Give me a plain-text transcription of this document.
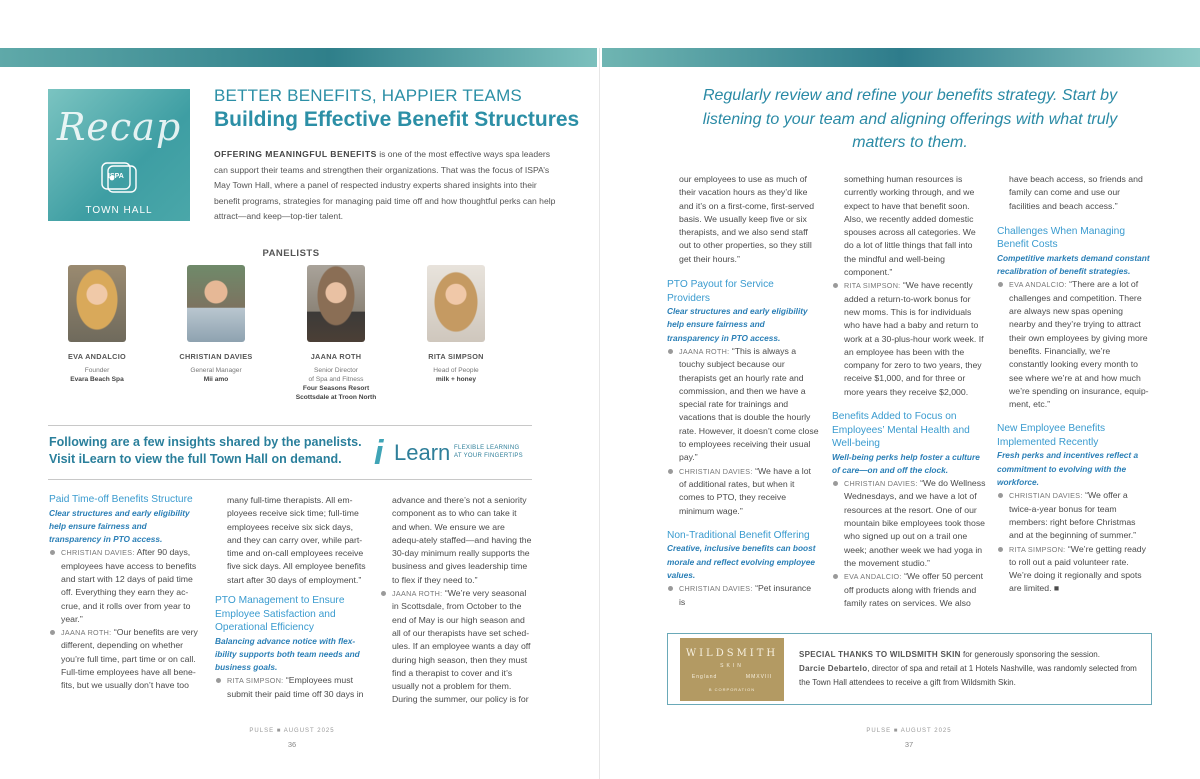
Recap
ISPA
TOWN HALL
BETTER BENEFITS, HAPPIER TEAMS
Building Effective Benefit Structures
OFFERING MEANINGFUL BENEFITS is one of the most effective ways spa leaders can support their teams and strengthen their organizations. That was the focus of ISPA’s May Town Hall, where a panel of respected industry experts shared insights into their benefit programs, strategies for managing paid time off and how thoughtful perks can help attract—and keep—top-tier talent.
PANELISTS
EVA ANDALCIO
Founder
Evara Beach Spa
CHRISTIAN DAVIES
General Manager
Mii amo
JAANA ROTH
Senior Director
of Spa and Fitness
Four Seasons Resort
Scottsdale at Troon North
RITA SIMPSON
Head of People
milk + honey
Following are a few insights shared by the panelists.
Visit iLearn to view the full Town Hall on demand. i Learn FLEXIBLE LEARNING
AT YOUR FINGERTIPS
Paid Time-off Benefits Structure
Clear structures and early eligibility help ensure fairness and transparency in PTO access.

CHRISTIAN DAVIES: After 90 days, employees have access to benefits and start with 12 days of paid time off. Everything they earn they ac-crue, and it rolls over from year to year.”

JAANA ROTH: “Our benefits are very different, depending on whether you’re full time, part time or on call. Full-time employees have all bene-fits, but we usually don’t have too

many full-time therapists. All em-ployees receive sick time; full-time employees receive six sick days, and they can carry over, while part-time and on-call employees receive five sick days. All employee benefits start after 30 days of employment.”

PTO Management to Ensure Employee Satisfaction and Operational Efficiency
Balancing advance notice with flex-ibility supports both team needs and business goals.

RITA SIMPSON: “Employees must submit their paid time off 30 days in

advance and there’s not a seniority component as to who can take it and when. We ensure we are adequ-ately staffed—and having the 30-day minimum really supports the business and gives leadership time to flex if they need to.”

JAANA ROTH: “We’re very seasonal in Scottsdale, from October to the end of May is our high season and all of our therapists have set sched-ules. If an employee wants a day off during high season, then they must find a therapist to cover and it’s usually not a problem for them. During the summer, our policy is for

Regularly review and refine your benefits strategy. Start by listening to your team and aligning offerings with what truly matters to them.

our employees to use as much of their vacation hours as they’d like and it’s on a first-come, first-served basis. We usually keep five or six therapists, and we also send staff out to other properties, so they still get their hours.”

PTO Payout for Service Providers
Clear structures and early eligibility help ensure fairness and transparency in PTO access.

JAANA ROTH: “This is always a touchy subject because our therapists get an hourly rate and commission, and then we have a special rate for trainings and vacations that is double the hourly rate. However, it doesn’t come close to employees receiving their usual pay.”

CHRISTIAN DAVIES: “We have a lot of additional rates, but when it comes to PTO, they receive minimum wage.”

Non-Traditional Benefit Offering
Creative, inclusive benefits can boost morale and reflect evolving employee values.

CHRISTIAN DAVIES: “Pet insurance is

something human resources is currently working through, and we expect to have that benefit soon. Also, we recently added domestic spouses across all categories. We do a lot of little things that fall into the mindful and well-being component.”

RITA SIMPSON: “We have recently added a return-to-work bonus for new moms. This is for individuals who have had a baby and return to work at a 30-plus-hour work week. If an employee has been with the company for zero to two years, they receive $1,000, and for three or more years they receive $2,000.

Benefits Added to Focus on Employees’ Mental Health and Well-being
Well-being perks help foster a culture of care—on and off the clock.

CHRISTIAN DAVIES: “We do Wellness Wednesdays, and we have a lot of resources at the resort. One of our mountain bike employees took those who signed up out on a trail one week; another week we had yoga in the movement studio.”

EVA ANDALCIO: “We offer 50 percent off products along with friends and family rates on services. We also

have beach access, so friends and family can come and use our facilities and beach access.”

Challenges When Managing Benefit Costs
Competitive markets demand constant recalibration of benefit strategies.

EVA ANDALCIO: “There are a lot of challenges and competition. There are always new spas opening nearby and they’re trying to attract their own employees by giving more benefits. Financially, we’re constantly looking every month to see where we’re at and how much we’re spending on insurance, equip-ment, etc.”

New Employee Benefits Implemented Recently
Fresh perks and incentives reflect a commitment to evolving with the workforce.

CHRISTIAN DAVIES: “We offer a twice-a-year bonus for team members: right before Christmas and at the beginning of summer.”

RITA SIMPSON: “We’re getting ready to roll out a paid volunteer rate. We’re doing it regionally and spots are limited. ■

WILDSMITH
SKIN
England            MMXVIII
B CORPORATION
SPECIAL THANKS TO WILDSMITH SKIN for generously sponsoring the session.
Darcie Debartelo, director of spa and retail at 1 Hotels Nashville, was randomly selected from the Town Hall attendees to receive a gift from Wildsmith Skin.
PULSE ■ AUGUST 2025
36
PULSE ■ AUGUST 2025
37
